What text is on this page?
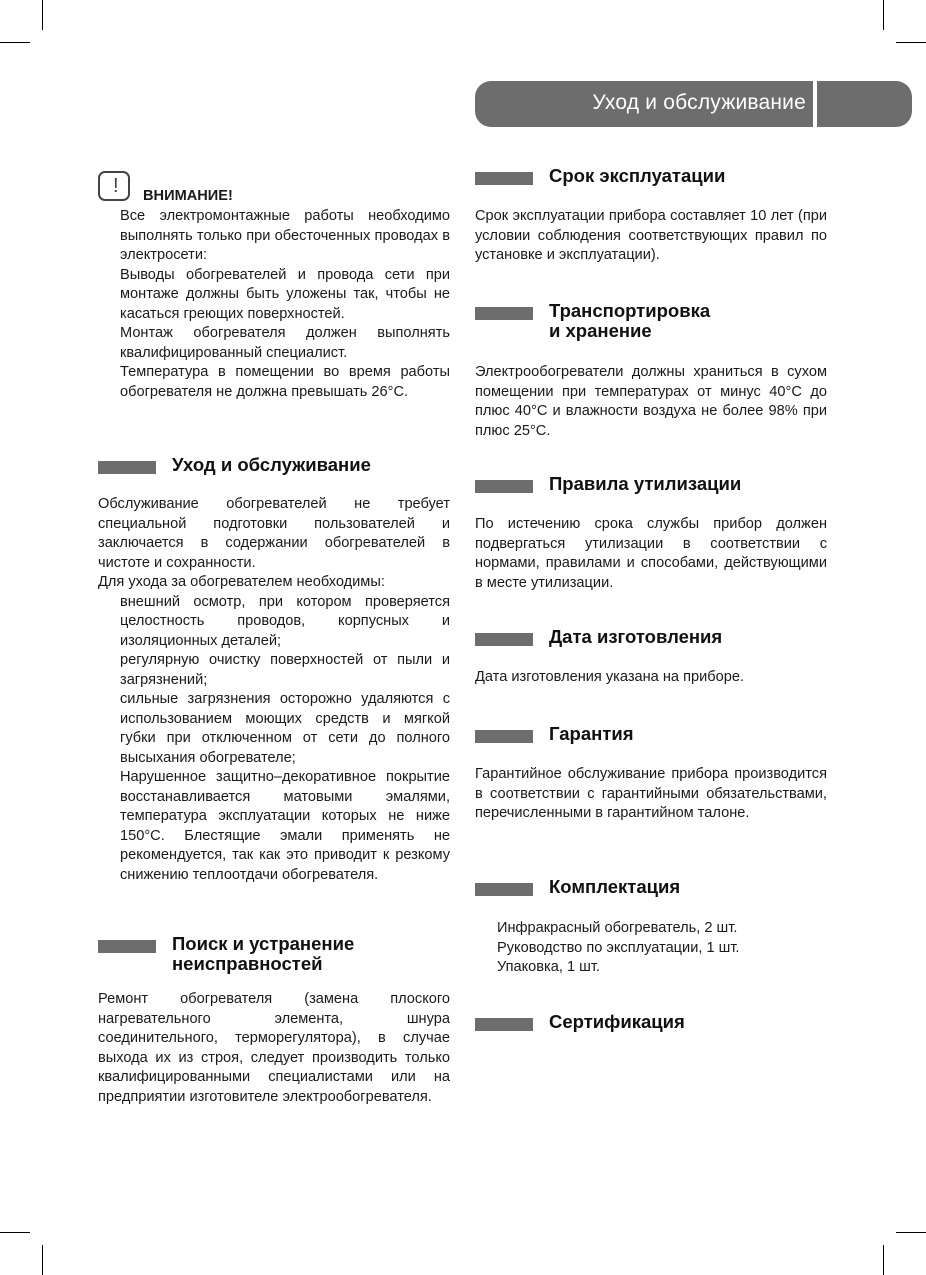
Уход и обслуживание
! ВНИМАНИЕ!

Все электромонтажные работы необходимо выполнять только при обесточенных проводах в электросети:

Выводы обогревателей и провода сети при монтаже должны быть уложены так, чтобы не касаться греющих поверхностей.

Монтаж обогревателя должен выполнять квалифицированный специалист.

Температура в помещении во время работы обогревателя не должна превышать 26°С.

Уход и обслуживание

Обслуживание обогревателей не требует специальной подготовки пользователей и заключается в содержании обогревателей в чистоте и сохранности.

Для ухода за обогревателем необходимы:

внешний осмотр, при котором проверяется целостность проводов, корпусных и изоляционных деталей;

регулярную очистку поверхностей от пыли и загрязнений;

сильные загрязнения осторожно удаляются с использованием моющих средств и мягкой губки при отключенном от сети до полного высыхания обогревателе;

Нарушенное защитно–декоративное покрытие восстанавливается матовыми эмалями, температура эксплуатации которых не ниже 150°С. Блестящие эмали применять не рекомендуется, так как это приводит к резкому снижению теплоотдачи обогревателя.

Поиск и устранение
неисправностей

Ремонт обогревателя (замена плоского нагревательного элемента, шнура соединительного, терморегулятора), в случае выхода их из строя, следует производить только квалифицированными специалистами или на предприятии изготовителе электрообогревателя.

Срок эксплуатации

Срок эксплуатации прибора составляет 10 лет (при условии соблюдения соответствующих правил по установке и эксплуатации).

Транспортировка
и хранение

Электрообогреватели должны храниться в сухом помещении при температурах от минус 40°С до плюс 40°С и влажности воздуха не более 98% при плюс 25°С.

Правила утилизации

По истечению срока службы прибор должен подвергаться утилизации в соответствии с нормами, правилами и способами, действующими в месте утилизации.

Дата изготовления

Дата изготовления указана на приборе.

Гарантия

Гарантийное обслуживание прибора производится в соответствии с гарантийными обязательствами, перечисленными в гарантийном талоне.

Комплектация

Инфракрасный обогреватель, 2 шт.

Руководство по эксплуатации, 1 шт.

Упаковка, 1 шт.

Сертификация
